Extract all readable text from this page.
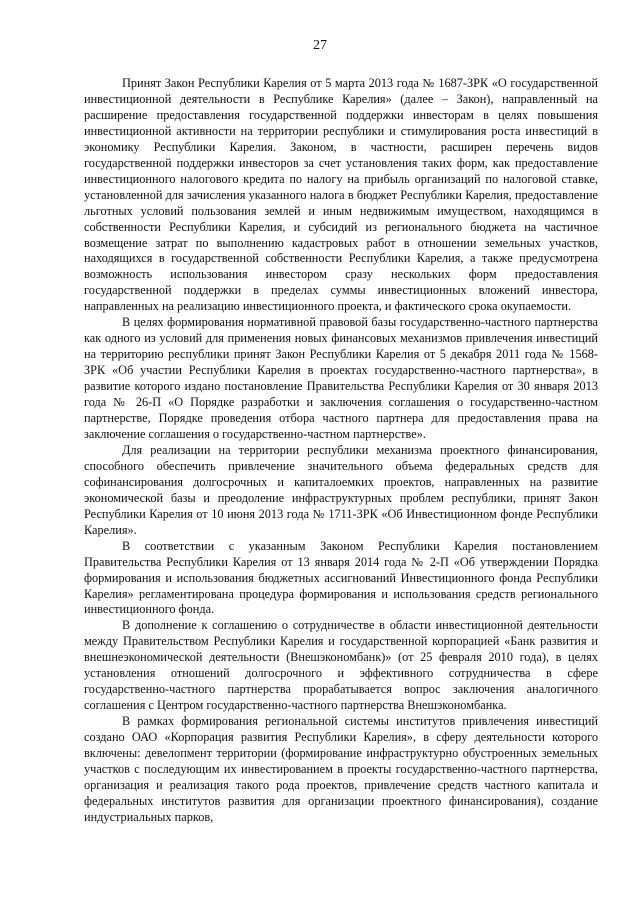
27

Принят Закон Республики Карелия от 5 марта 2013 года № 1687-ЗРК «О государственной инвестиционной деятельности в Республике Карелия» (далее – Закон), направленный на расширение предоставления государственной поддержки инвесторам в целях повышения инвестиционной активности на территории республики и стимулирования роста инвестиций в экономику Республики Карелия. Законом, в частности, расширен перечень видов государственной поддержки инвесторов за счет установления таких форм, как предоставление инвестиционного налогового кредита по налогу на прибыль организаций по налоговой ставке, установленной для зачисления указанного налога в бюджет Республики Карелия, предоставление льготных условий пользования землей и иным недвижимым имуществом, находящимся в собственности Республики Карелия, и субсидий из регионального бюджета на частичное возмещение затрат по выполнению кадастровых работ в отношении земельных участков, находящихся в государственной собственности Республики Карелия, а также предусмотрена возможность использования инвестором сразу нескольких форм предоставления государственной поддержки в пределах суммы инвестиционных вложений инвестора, направленных на реализацию инвестиционного проекта, и фактического срока окупаемости.

В целях формирования нормативной правовой базы государственно-частного партнерства как одного из условий для применения новых финансовых механизмов привлечения инвестиций на территорию республики принят Закон Республики Карелия от 5 декабря 2011 года № 1568-ЗРК «Об участии Республики Карелия в проектах государственно-частного партнерства», в развитие которого издано постановление Правительства Республики Карелия от 30 января 2013 года № 26-П «О Порядке разработки и заключения соглашения о государственно-частном партнерстве, Порядке проведения отбора частного партнера для предоставления права на заключение соглашения о государственно-частном партнерстве».

Для реализации на территории республики механизма проектного финансирования, способного обеспечить привлечение значительного объема федеральных средств для софинансирования долгосрочных и капиталоемких проектов, направленных на развитие экономической базы и преодоление инфраструктурных проблем республики, принят Закон Республики Карелия от 10 июня 2013 года № 1711-ЗРК «Об Инвестиционном фонде Республики Карелия».

В соответствии с указанным Законом Республики Карелия постановлением Правительства Республики Карелия от 13 января 2014 года № 2-П «Об утверждении Порядка формирования и использования бюджетных ассигнований Инвестиционного фонда Республики Карелия» регламентирована процедура формирования и использования средств регионального инвестиционного фонда.

В дополнение к соглашению о сотрудничестве в области инвестиционной деятельности между Правительством Республики Карелия и государственной корпорацией «Банк развития и внешнеэкономической деятельности (Внешэкономбанк)» (от 25 февраля 2010 года), в целях установления отношений долгосрочного и эффективного сотрудничества в сфере государственно-частного партнерства прорабатывается вопрос заключения аналогичного соглашения с Центром государственно-частного партнерства Внешэкономбанка.

В рамках формирования региональной системы институтов привлечения инвестиций создано ОАО «Корпорация развития Республики Карелия», в сферу деятельности которого включены: девелопмент территории (формирование инфраструктурно обустроенных земельных участков с последующим их инвестированием в проекты государственно-частного партнерства, организация и реализация такого рода проектов, привлечение средств частного капитала и федеральных институтов развития для организации проектного финансирования), создание индустриальных парков,
